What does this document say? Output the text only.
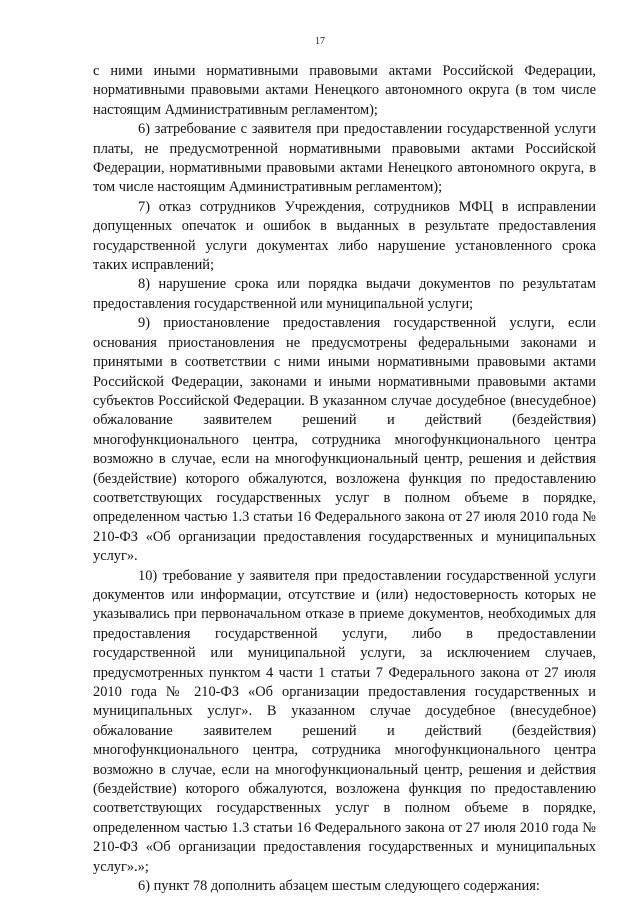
17

с ними иными нормативными правовыми актами Российской Федерации, нормативными правовыми актами Ненецкого автономного округа (в том числе настоящим Административным регламентом);

6) затребование с заявителя при предоставлении государственной услуги платы, не предусмотренной нормативными правовыми актами Российской Федерации, нормативными правовыми актами Ненецкого автономного округа, в том числе настоящим Административным регламентом);

7) отказ сотрудников Учреждения, сотрудников МФЦ в исправлении допущенных опечаток и ошибок в выданных в результате предоставления государственной услуги документах либо нарушение установленного срока таких исправлений;

8) нарушение срока или порядка выдачи документов по результатам предоставления государственной или муниципальной услуги;

9) приостановление предоставления государственной услуги, если основания приостановления не предусмотрены федеральными законами и принятыми в соответствии с ними иными нормативными правовыми актами Российской Федерации, законами и иными нормативными правовыми актами субъектов Российской Федерации. В указанном случае досудебное (внесудебное) обжалование заявителем решений и действий (бездействия) многофункционального центра, сотрудника многофункционального центра возможно в случае, если на многофункциональный центр, решения и действия (бездействие) которого обжалуются, возложена функция по предоставлению соответствующих государственных услуг в полном объеме в порядке, определенном частью 1.3 статьи 16 Федерального закона от 27 июля 2010 года № 210-ФЗ «Об организации предоставления государственных и муниципальных услуг».

10) требование у заявителя при предоставлении государственной услуги документов или информации, отсутствие и (или) недостоверность которых не указывались при первоначальном отказе в приеме документов, необходимых для предоставления государственной услуги, либо в предоставлении государственной или муниципальной услуги, за исключением случаев, предусмотренных пунктом 4 части 1 статьи 7 Федерального закона от 27 июля 2010 года № 210-ФЗ «Об организации предоставления государственных и муниципальных услуг». В указанном случае досудебное (внесудебное) обжалование заявителем решений и действий (бездействия) многофункционального центра, сотрудника многофункционального центра возможно в случае, если на многофункциональный центр, решения и действия (бездействие) которого обжалуются, возложена функция по предоставлению соответствующих государственных услуг в полном объеме в порядке, определенном частью 1.3 статьи 16 Федерального закона от 27 июля 2010 года № 210-ФЗ «Об организации предоставления государственных и муниципальных услуг».»;

6) пункт 78 дополнить абзацем шестым следующего содержания:
